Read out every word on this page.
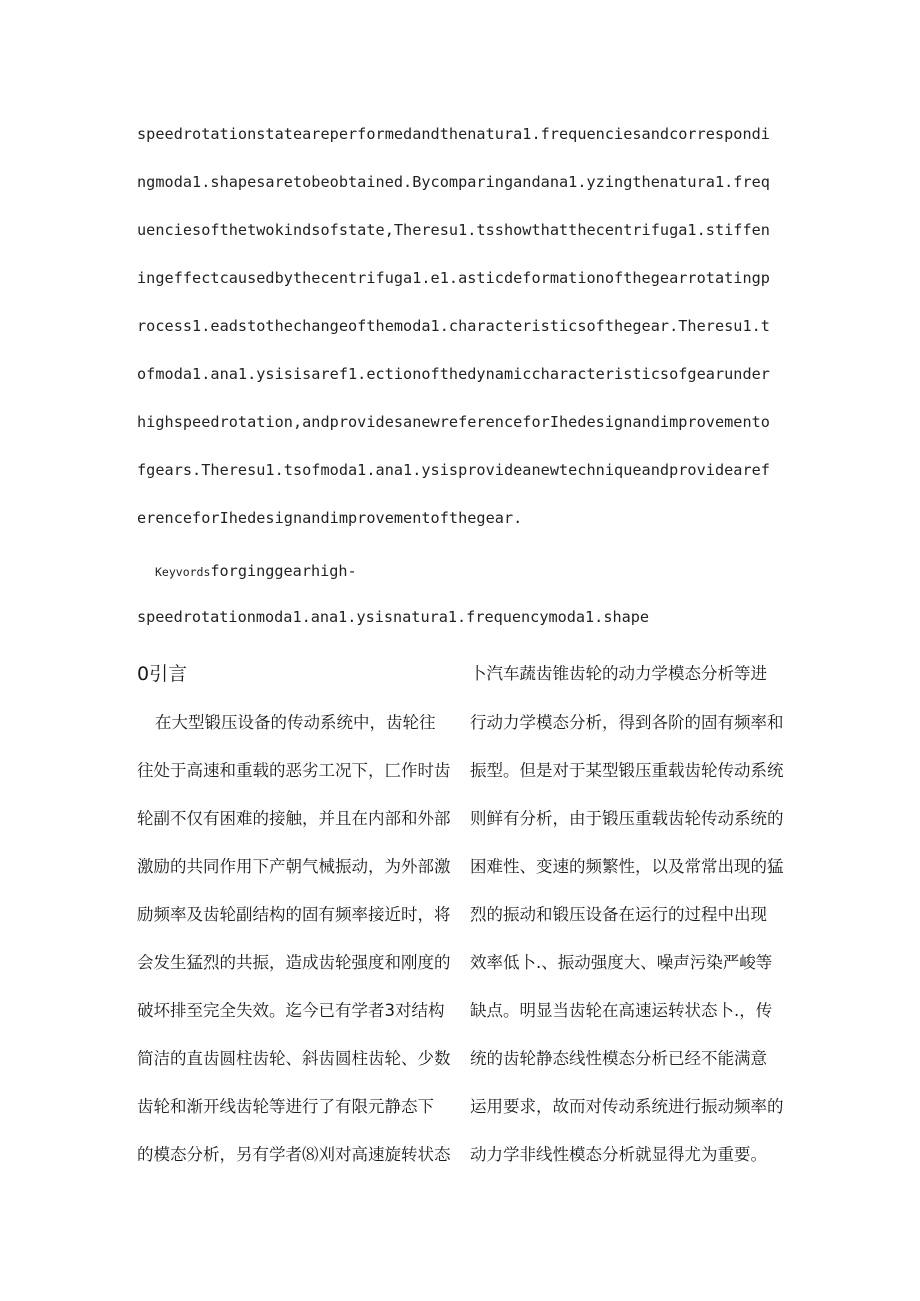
speedrotationstateareperformedandthenatura1.frequenciesandcorrespondi
ngmoda1.shapesaretobeobtained.Bycomparingandana1.yzingthenatura1.freq
uenciesofthetwokindsofstate,Theresu1.tsshowthatthecentrifuga1.stiffen
ingeffectcausedbythecentrifuga1.e1.asticdeformationofthegearrotatingp
rocess1.eadstothechangeofthemoda1.characteristicsofthegear.Theresu1.t
ofmoda1.ana1.ysisisaref1.ectionofthedynamiccharacteristicsofgearunder
highspeedrotation,andprovidesanewreferenceforIhedesignandimprovemento
fgears.Theresu1.tsofmoda1.ana1.ysisprovideanewtechniqueandprovidearef
erenceforIhedesignandimprovementofthegear.
Keyvordsforginggearhigh-
speedrotationmoda1.ana1.ysisnatura1.frequencymoda1.shape
0引言
在大型锻压设备的传动系统中，齿轮往
往处于高速和重载的恶劣工况下，匚作时齿
轮副不仅有困难的接触，并且在内部和外部
激励的共同作用下产朝气械振动，为外部激
励频率及齿轮副结构的固有频率接近时，将
会发生猛烈的共振，造成齿轮强度和刚度的
破坏排至完全失效。迄今已有学者3对结构
简洁的直齿圆柱齿轮、斜齿圆柱齿轮、少数
齿轮和渐开线齿轮等进行了有限元静态下
的模态分析，另有学者⑻刈对高速旋转状态
卜汽车蔬齿锥齿轮的动力学模态分析等进
行动力学模态分析，得到各阶的固有频率和
振型。但是对于某型锻压重载齿轮传动系统
则鲜有分析，由于锻压重载齿轮传动系统的
困难性、变速的频繁性，以及常常出现的猛
烈的振动和锻压设备在运行的过程中出现
效率低卜.、振动强度大、噪声污染严峻等
缺点。明显当齿轮在高速运转状态卜.，传
统的齿轮静态线性模态分析已经不能满意
运用要求，故而对传动系统进行振动频率的
动力学非线性模态分析就显得尤为重要。
